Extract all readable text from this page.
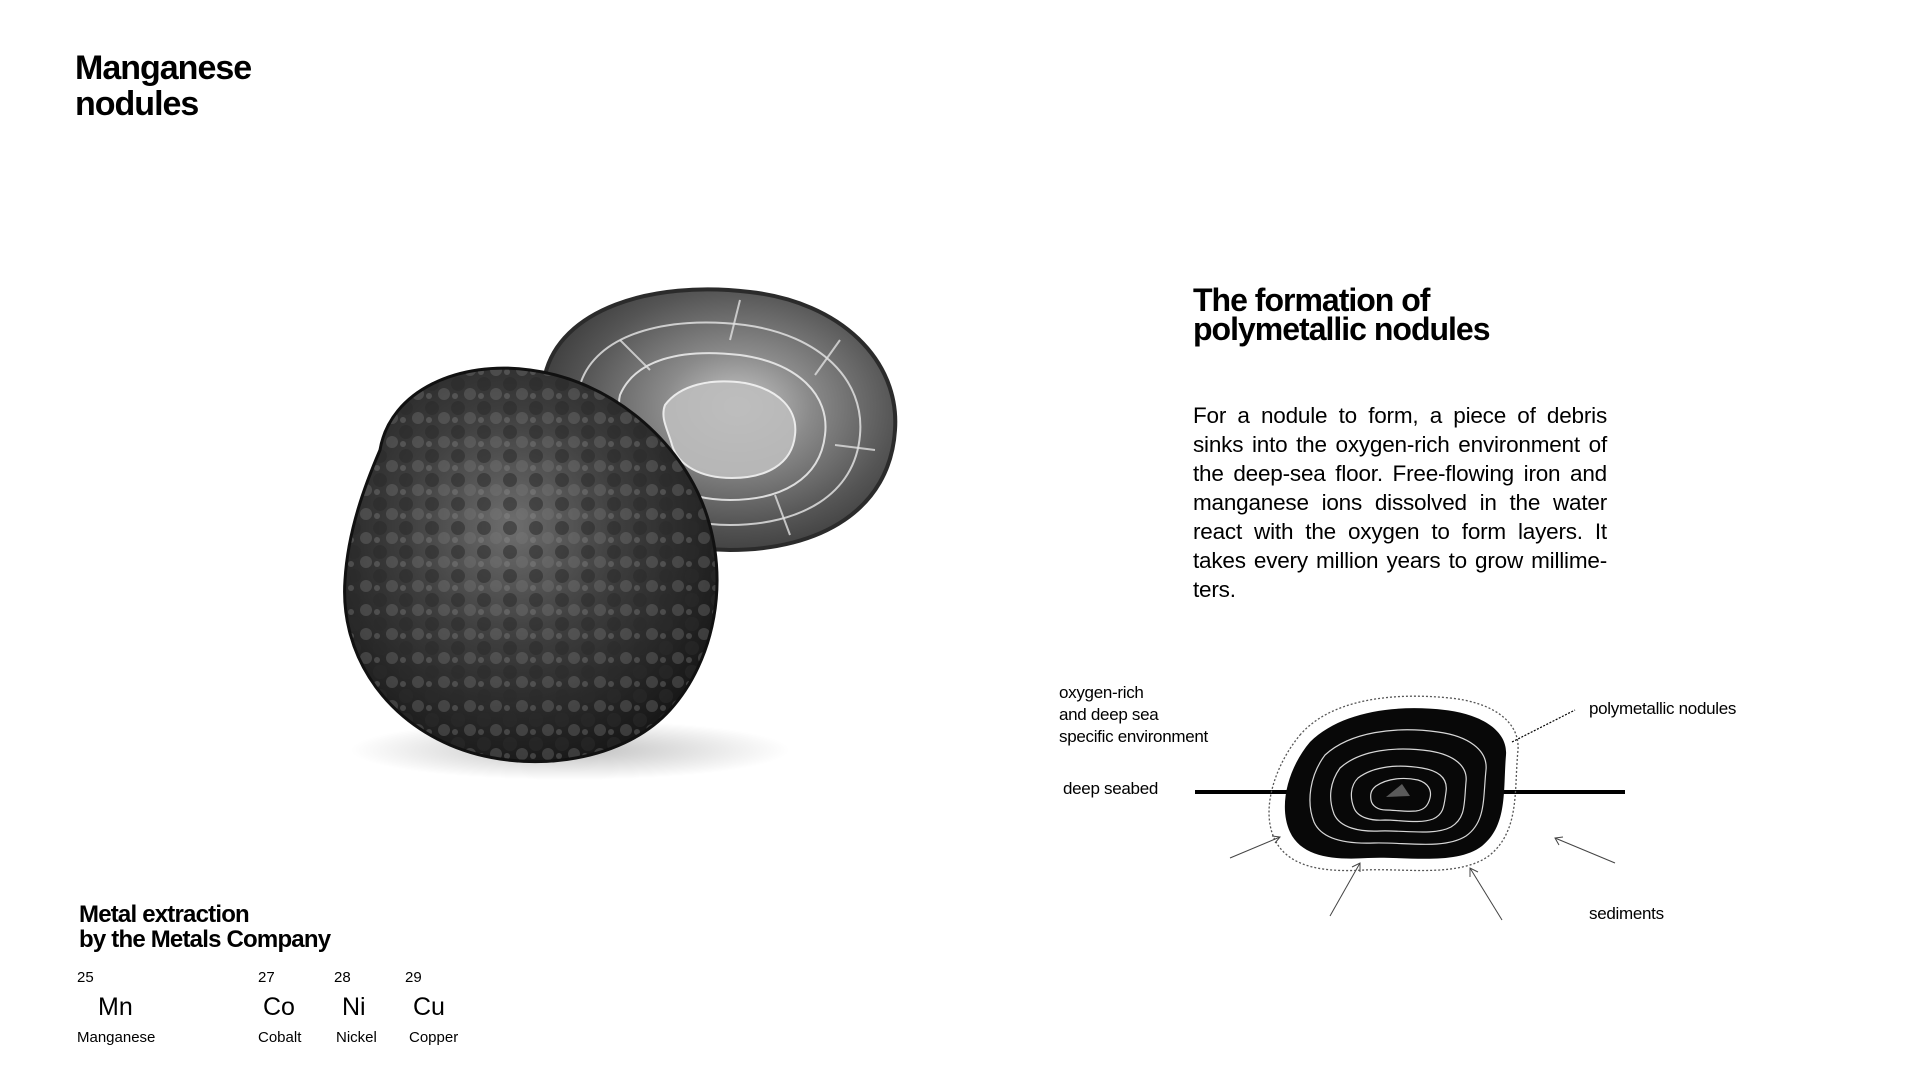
Manganese
nodules
The formation of
polymetallic nodules

For a nodule to form, a piece of debris sinks into the oxygen-rich environment of the deep-sea floor. Free-flowing iron and manganese ions dissolved in the water react with the oxygen to form layers. It takes every million years to grow millime-ters.

oxygen-rich
and deep sea
specific environment
deep seabed
polymetallic nodules
sediments
Metal extraction
by the Metals Company
25
Mn
Manganese
27
Co
Cobalt
28
Ni
Nickel
29
Cu
Copper
